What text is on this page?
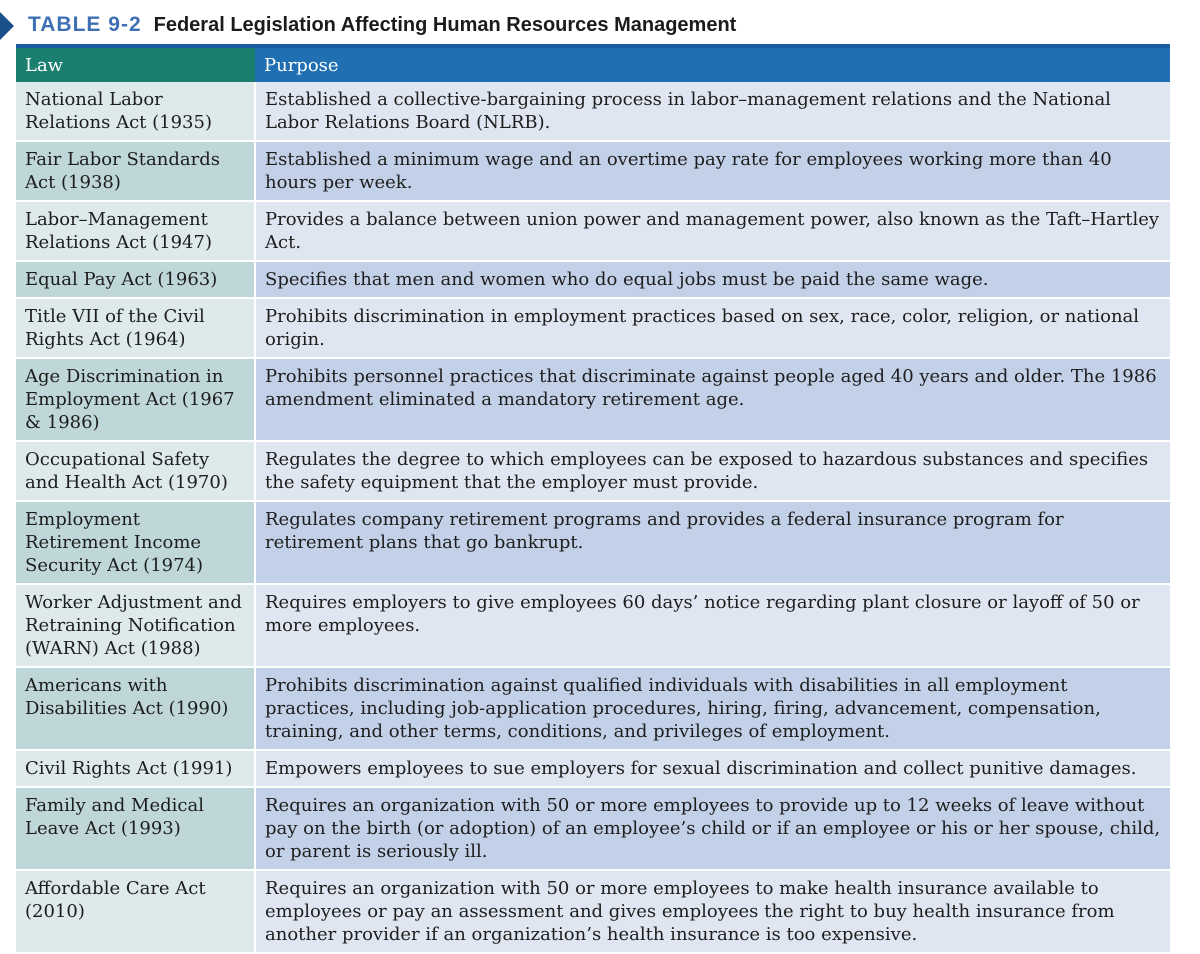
TABLE 9-2 Federal Legislation Affecting Human Resources Management
Law	Purpose
National Labor Relations Act (1935)	Established a collective-bargaining process in labor–management relations and the National Labor Relations Board (NLRB).
Fair Labor Standards Act (1938)	Established a minimum wage and an overtime pay rate for employees working more than 40 hours per week.
Labor–Management Relations Act (1947)	Provides a balance between union power and management power, also known as the Taft–Hartley Act.
Equal Pay Act (1963)	Specifies that men and women who do equal jobs must be paid the same wage.
Title VII of the Civil Rights Act (1964)	Prohibits discrimination in employment practices based on sex, race, color, religion, or national origin.
Age Discrimination in Employment Act (1967 & 1986)	Prohibits personnel practices that discriminate against people aged 40 years and older. The 1986 amendment eliminated a mandatory retirement age.
Occupational Safety and Health Act (1970)	Regulates the degree to which employees can be exposed to hazardous substances and specifies the safety equipment that the employer must provide.
Employment Retirement Income Security Act (1974)	Regulates company retirement programs and provides a federal insurance program for retirement plans that go bankrupt.
Worker Adjustment and Retraining Notification (WARN) Act (1988)	Requires employers to give employees 60 days’ notice regarding plant closure or layoff of 50 or more employees.
Americans with Disabilities Act (1990)	Prohibits discrimination against qualified individuals with disabilities in all employment practices, including job-application procedures, hiring, firing, advancement, compensation, training, and other terms, conditions, and privileges of employment.
Civil Rights Act (1991)	Empowers employees to sue employers for sexual discrimination and collect punitive damages.
Family and Medical Leave Act (1993)	Requires an organization with 50 or more employees to provide up to 12 weeks of leave without pay on the birth (or adoption) of an employee’s child or if an employee or his or her spouse, child, or parent is seriously ill.
Affordable Care Act (2010)	Requires an organization with 50 or more employees to make health insurance available to employees or pay an assessment and gives employees the right to buy health insurance from another provider if an organization’s health insurance is too expensive.
